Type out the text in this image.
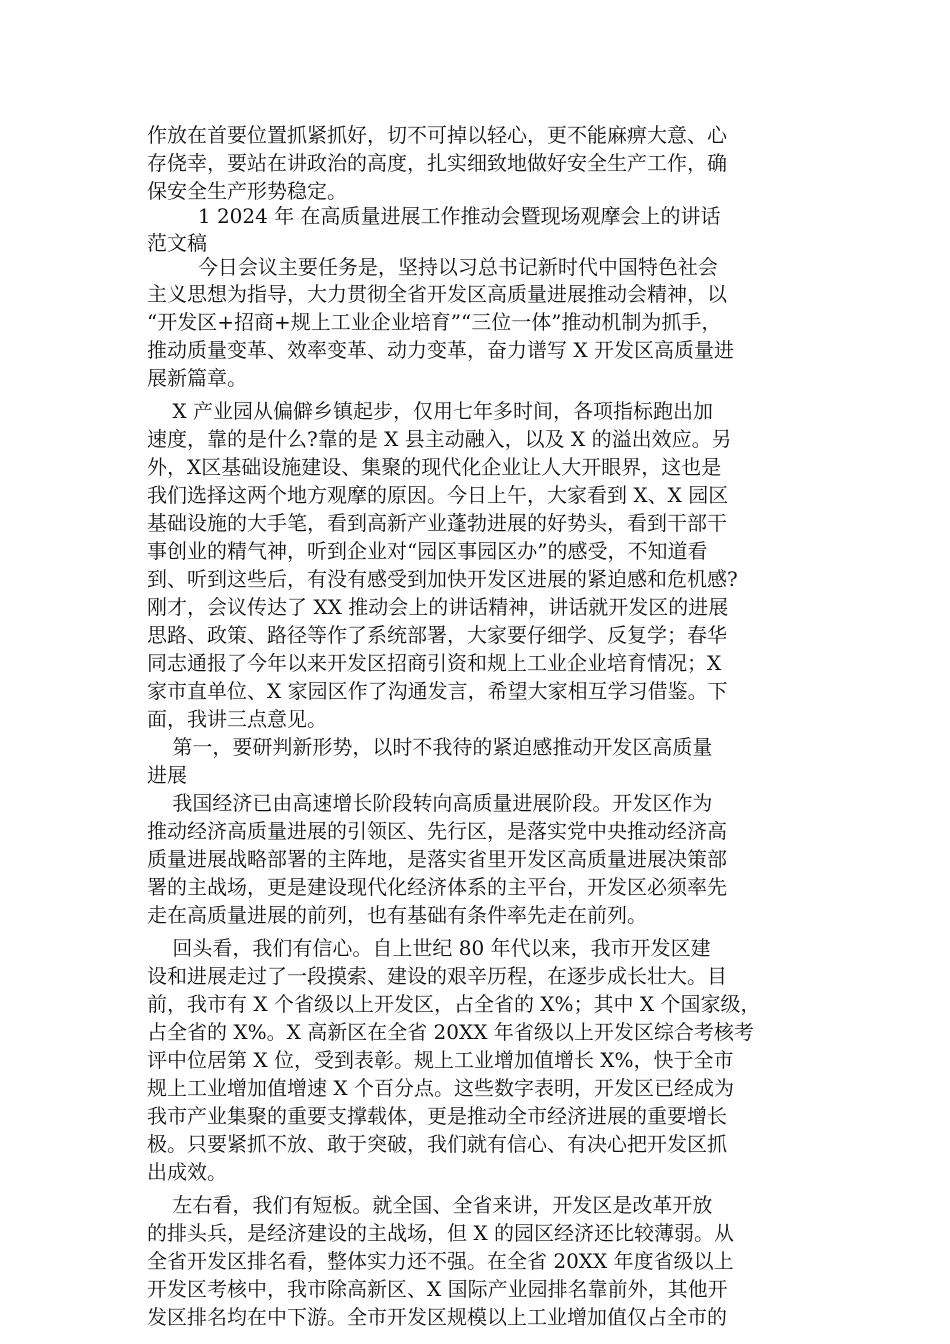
作放在首要位置抓紧抓好，切不可掉以轻心，更不能麻痹大意、心
存侥幸，要站在讲政治的高度，扎实细致地做好安全生产工作，确
保安全生产形势稳定。
1 2024 年 在高质量进展工作推动会暨现场观摩会上的讲话
范文稿
今日会议主要任务是，坚持以习总书记新时代中国特色社会
主义思想为指导，大力贯彻全省开发区高质量进展推动会精神，以
“开发区+招商+规上工业企业培育”“三位一体”推动机制为抓手，
推动质量变革、效率变革、动力变革，奋力谱写 X 开发区高质量进
展新篇章。
X 产业园从偏僻乡镇起步，仅用七年多时间，各项指标跑出加
速度，靠的是什么?靠的是 X 县主动融入，以及 X 的溢出效应。另
外，X区基础设施建设、集聚的现代化企业让人大开眼界，这也是
我们选择这两个地方观摩的原因。今日上午，大家看到 X、X 园区
基础设施的大手笔，看到高新产业蓬勃进展的好势头，看到干部干
事创业的精气神，听到企业对“园区事园区办”的感受，不知道看
到、听到这些后，有没有感受到加快开发区进展的紧迫感和危机感?
刚才，会议传达了 XX 推动会上的讲话精神，讲话就开发区的进展
思路、政策、路径等作了系统部署，大家要仔细学、反复学；春华
同志通报了今年以来开发区招商引资和规上工业企业培育情况；X
家市直单位、X 家园区作了沟通发言，希望大家相互学习借鉴。下
面，我讲三点意见。
第一，要研判新形势，以时不我待的紧迫感推动开发区高质量
进展
我国经济已由高速增长阶段转向高质量进展阶段。开发区作为
推动经济高质量进展的引领区、先行区，是落实党中央推动经济高
质量进展战略部署的主阵地，是落实省里开发区高质量进展决策部
署的主战场，更是建设现代化经济体系的主平台，开发区必须率先
走在高质量进展的前列，也有基础有条件率先走在前列。
回头看，我们有信心。自上世纪 80 年代以来，我市开发区建
设和进展走过了一段摸索、建设的艰辛历程，在逐步成长壮大。目
前，我市有 X 个省级以上开发区，占全省的 X%；其中 X 个国家级，
占全省的 X%。X 高新区在全省 20XX 年省级以上开发区综合考核考
评中位居第 X 位，受到表彰。规上工业增加值增长 X%，快于全市
规上工业增加值增速 X 个百分点。这些数字表明，开发区已经成为
我市产业集聚的重要支撑载体，更是推动全市经济进展的重要增长
极。只要紧抓不放、敢于突破，我们就有信心、有决心把开发区抓
出成效。
左右看，我们有短板。就全国、全省来讲，开发区是改革开放
的排头兵，是经济建设的主战场，但 X 的园区经济还比较薄弱。从
全省开发区排名看，整体实力还不强。在全省 20XX 年度省级以上
开发区考核中，我市除高新区、X 国际产业园排名靠前外，其他开
发区排名均在中下游。全市开发区规模以上工业增加值仅占全市的
